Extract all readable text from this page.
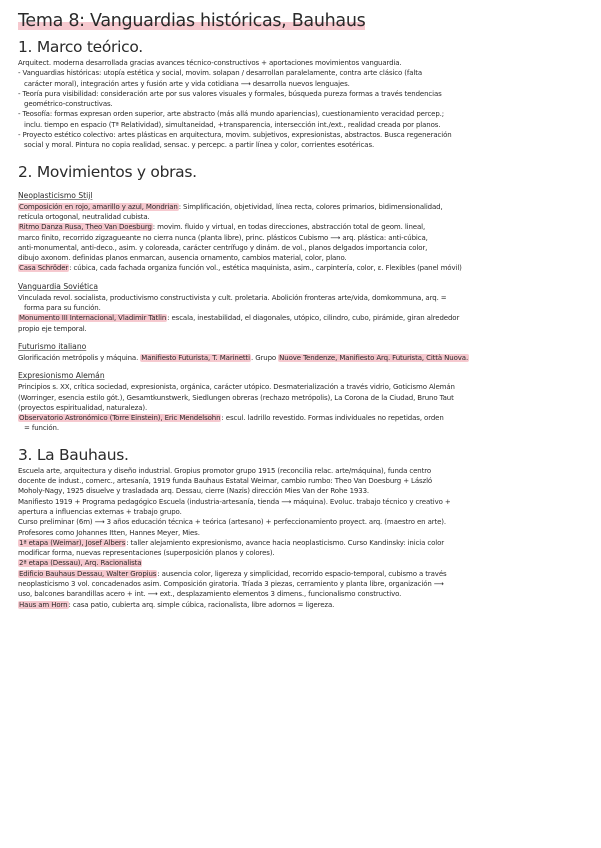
Tema 8: Vanguardias históricas, Bauhaus
1. Marco teórico.

Arquitect. moderna desarrollada gracias avances técnico-constructivos + aportaciones movimientos vanguardia.

- Vanguardias históricas: utopía estética y social, movim. solapan / desarrollan paralelamente, contra arte clásico (falta

carácter moral), integración artes y fusión arte y vida cotidiana ⟶ desarrolla nuevos lenguajes.

- Teoría pura visibilidad: consideración arte por sus valores visuales y formales, búsqueda pureza formas a través tendencias

geométrico-constructivas.

- Teosofía: formas expresan orden superior, arte abstracto (más allá mundo apariencias), cuestionamiento veracidad percep.;

inclu. tiempo en espacio (Tª Relatividad), simultaneidad, +transparencia, intersección int./ext., realidad creada por planos.

- Proyecto estético colectivo: artes plásticas en arquitectura, movim. subjetivos, expresionistas, abstractos. Busca regeneración

social y moral. Pintura no copia realidad, sensac. y percepc. a partir línea y color, corrientes esotéricas.

2. Movimientos y obras.
Neoplasticismo Stijl

Composición en rojo, amarillo y azul, Mondrian: Simplificación, objetividad, línea recta, colores primarios, bidimensionalidad,

retícula ortogonal, neutralidad cubista.

Ritmo Danza Rusa, Theo Van Doesburg: movim. fluido y virtual, en todas direcciones, abstracción total de geom. lineal,

marco finito, recorrido zigzagueante no cierra nunca (planta libre), princ. plásticos Cubismo ⟶ arq. plástica: anti-cúbica,

anti-monumental, anti-deco., asim. y coloreada, carácter centrífugo y dinám. de vol., planos delgados importancia color,

dibujo axonom. definidas planos enmarcan, ausencia ornamento, cambios material, color, plano.

Casa Schröder: cúbica, cada fachada organiza función vol., estética maquinista, asim., carpintería, color, ε. Flexibles (panel móvil)

Vanguardia Soviética

Vinculada revol. socialista, productivismo constructivista y cult. proletaria. Abolición fronteras arte/vida, domkommuna, arq. =

forma para su función.

Monumento III Internacional, Vladimir Tatlin: escala, inestabilidad, el diagonales, utópico, cilindro, cubo, pirámide, giran alrededor

propio eje temporal.

Futurismo italiano

Glorificación metrópolis y máquina. Manifiesto Futurista, T. Marinetti. Grupo Nuove Tendenze, Manifiesto Arq. Futurista, Città Nuova.

Expresionismo Alemán

Principios s. XX, crítica sociedad, expresionista, orgánica, carácter utópico. Desmaterialización a través vidrio, Goticismo Alemán

(Worringer, esencia estilo gót.), Gesamtkunstwerk, Siedlungen obreras (rechazo metrópolis), La Corona de la Ciudad, Bruno Taut

(proyectos espiritualidad, naturaleza).

Observatorio Astronómico (Torre Einstein), Eric Mendelsohn: escul. ladrillo revestido. Formas individuales no repetidas, orden

= función.

3. La Bauhaus.

Escuela arte, arquitectura y diseño industrial. Gropius promotor grupo 1915 (reconcilia relac. arte/máquina), funda centro

docente de indust., comerc., artesanía, 1919 funda Bauhaus Estatal Weimar, cambio rumbo: Theo Van Doesburg + László

Moholy-Nagy, 1925 disuelve y trasladada arq. Dessau, cierre (Nazis) dirección Mies Van der Rohe 1933.

Manifiesto 1919 + Programa pedagógico Escuela (industria-artesanía, tienda ⟶ máquina). Evoluc. trabajo técnico y creativo +

apertura a influencias externas + trabajo grupo.

Curso preliminar (6m) ⟶ 3 años educación técnica + teórica (artesano) + perfeccionamiento proyect. arq. (maestro en arte).

Profesores como Johannes Itten, Hannes Meyer, Mies.

1ª etapa (Weimar), Josef Albers: taller alejamiento expresionismo, avance hacia neoplasticismo. Curso Kandinsky: inicia color

modificar forma, nuevas representaciones (superposición planos y colores).

2ª etapa (Dessau), Arq. Racionalista

Edificio Bauhaus Dessau, Walter Gropius: ausencia color, ligereza y simplicidad, recorrido espacio-temporal, cubismo a través

neoplasticismo 3 vol. concadenados asim. Composición giratoria. Tríada 3 piezas, cerramiento y planta libre, organización ⟶

uso, balcones barandillas acero + int. ⟶ ext., desplazamiento elementos 3 dimens., funcionalismo constructivo.

Haus am Horn: casa patio, cubierta arq. simple cúbica, racionalista, libre adornos = ligereza.
